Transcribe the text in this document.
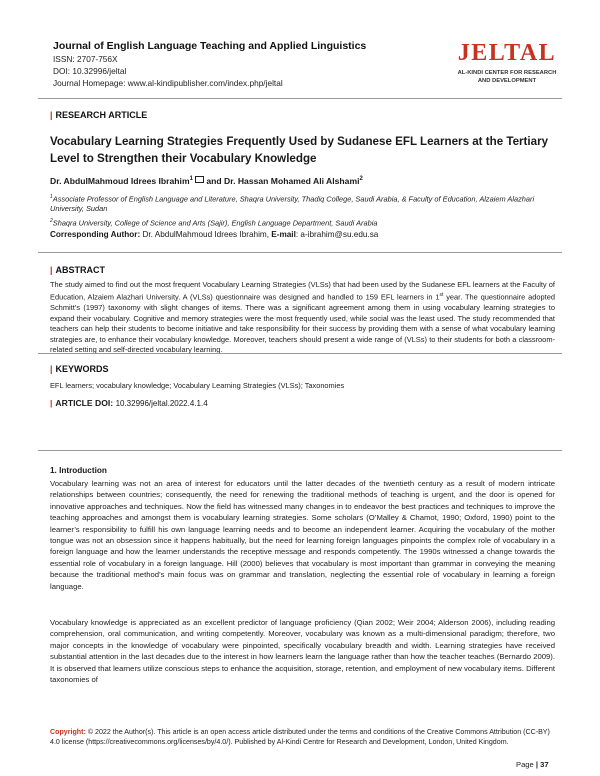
Journal of English Language Teaching and Applied Linguistics
ISSN: 2707-756X
DOI: 10.32996/jeltal
Journal Homepage: www.al-kindipublisher.com/index.php/jeltal
JELTAL
AL-KINDI CENTER FOR RESEARCH
AND DEVELOPMENT
| RESEARCH ARTICLE
Vocabulary Learning Strategies Frequently Used by Sudanese EFL Learners at the Tertiary Level to Strengthen their Vocabulary Knowledge
Dr. AbdulMahmoud Idrees Ibrahim$^1$ and Dr. Hassan Mohamed Ali Alshami$^2$
$^1$Associate Professor of English Language and Literature, Shaqra University, Thadiq College, Saudi Arabia, & Faculty of Education, Alzaiem Alazhari University, Sudan
$^2$Shaqra University, College of Science and Arts (Sajir), English Language Department, Saudi Arabia
Corresponding Author: Dr. AbdulMahmoud Idrees Ibrahim, E-mail: a-ibrahim@su.edu.sa
| ABSTRACT
The study aimed to find out the most frequent Vocabulary Learning Strategies (VLSs) that had been used by the Sudanese EFL learners at the Faculty of Education, Alzaiem Alazhari University. A (VLSs) questionnaire was designed and handled to 159 EFL learners in 1st year. The questionnaire adopted Schmitt’s (1997) taxonomy with slight changes of items. There was a significant agreement among them in using vocabulary learning strategies to expand their vocabulary. Cognitive and memory strategies were the most frequently used, while social was the least used. The study recommended that teachers can help their students to become initiative and take responsibility for their success by providing them with a sense of what vocabulary learning strategies are, to enhance their vocabulary knowledge. Moreover, teachers should present a wide range of (VLSs) to their students for both a classroom-related setting and self-directed vocabulary learning.
| KEYWORDS
EFL learners; vocabulary knowledge; Vocabulary Learning Strategies (VLSs); Taxonomies
| ARTICLE DOI: 10.32996/jeltal.2022.4.1.4
1. Introduction
Vocabulary learning was not an area of interest for educators until the latter decades of the twentieth century as a result of modern intricate relationships between countries; consequently, the need for renewing the traditional methods of teaching is urgent, and the door is opened for innovative approaches and techniques. Now the field has witnessed many changes in to endeavor the best practices and techniques to improve the teaching approaches and amongst them is vocabulary learning strategies. Some scholars (O’Malley & Chamot, 1990; Oxford, 1990) point to the learner’s responsibility to fulfill his own language learning needs and to become an independent learner. Acquiring the vocabulary of the mother tongue was not an obsession since it happens habitually, but the need for learning foreign languages pinpoints the complex role of vocabulary in a foreign language and how the learner understands the receptive message and responds competently. The 1990s witnessed a change towards the essential role of vocabulary in a foreign language. Hill (2000) believes that vocabulary is most important than grammar in conveying the meaning because the traditional method’s main focus was on grammar and translation, neglecting the essential role of vocabulary in learning a foreign language.
Vocabulary knowledge is appreciated as an excellent predictor of language proficiency (Qian 2002; Weir 2004; Alderson 2006), including reading comprehension, oral communication, and writing competently. Moreover, vocabulary was known as a multi-dimensional paradigm; therefore, two major concepts in the knowledge of vocabulary were pinpointed, specifically vocabulary breadth and width. Learning strategies have received substantial attention in the last decades due to the interest in how learners learn the language rather than how the teacher teaches (Bernardo 2009). It is observed that learners utilize conscious steps to enhance the acquisition, storage, retention, and employment of new vocabulary items. Different taxonomies of
Copyright: © 2022 the Author(s). This article is an open access article distributed under the terms and conditions of the Creative Commons Attribution (CC-BY) 4.0 license (https://creativecommons.org/licenses/by/4.0/). Published by Al-Kindi Centre for Research and Development, London, United Kingdom.
Page | 37
